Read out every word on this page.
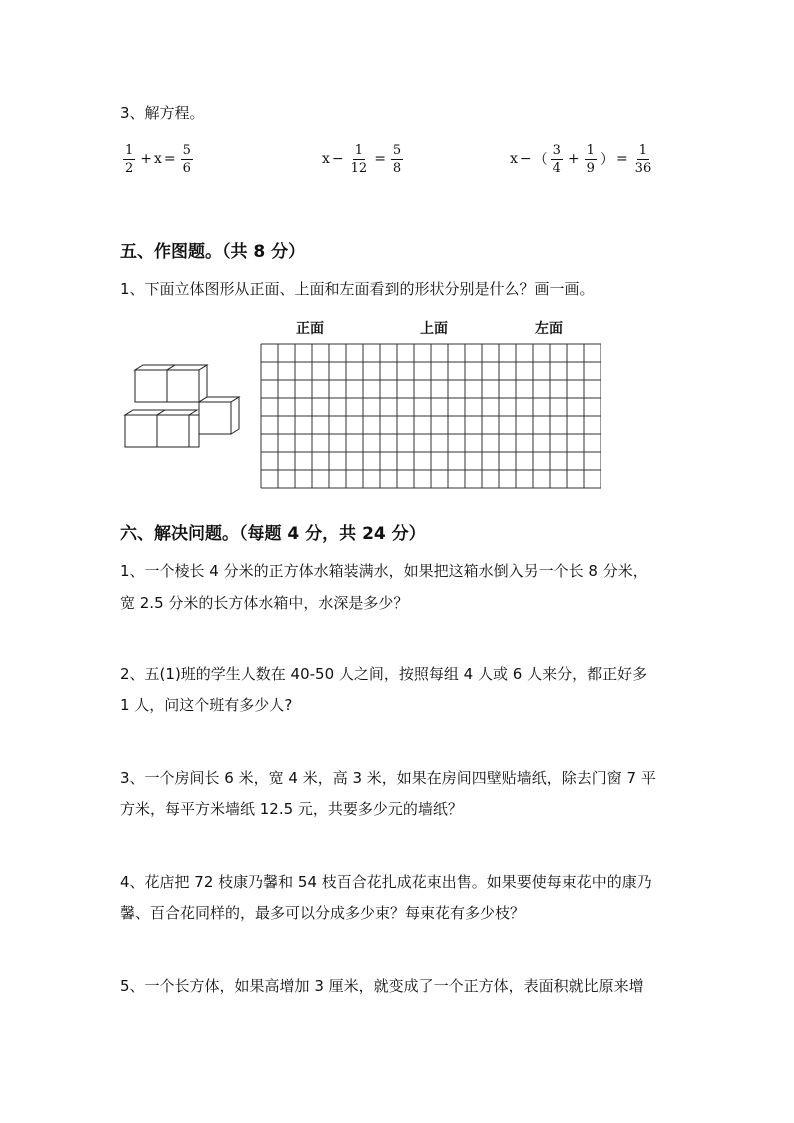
3、解方程。
$\frac{1}{2} + x = \frac{5}{6}$	$x - \frac{1}{12} = \frac{5}{8}$	x − （ $\frac{3}{4} + \frac{1}{9}$ ） = $\frac{1}{36}$
五、作图题。（共 8 分）
1、下面立体图形从正面、上面和左面看到的形状分别是什么？画一画。
正面	上面	左面
六、解决问题。（每题 4 分，共 24 分）
1、一个棱长 4 分米的正方体水箱装满水，如果把这箱水倒入另一个长 8 分米，
宽 2.5 分米的长方体水箱中，水深是多少？
2、五(1)班的学生人数在 40-50 人之间，按照每组 4 人或 6 人来分，都正好多
1 人，问这个班有多少人?
3、一个房间长 6 米，宽 4 米，高 3 米，如果在房间四壁贴墙纸，除去门窗 7 平
方米，每平方米墙纸 12.5 元，共要多少元的墙纸？
4、花店把 72 枝康乃馨和 54 枝百合花扎成花束出售。如果要使每束花中的康乃
馨、百合花同样的，最多可以分成多少束？每束花有多少枝？
5、一个长方体，如果高增加 3 厘米，就变成了一个正方体，表面积就比原来增
